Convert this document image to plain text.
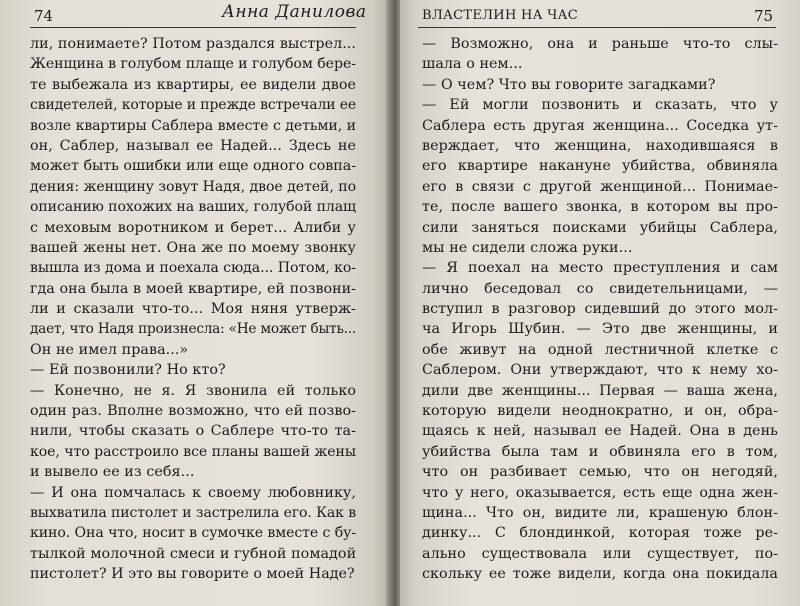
74	Анна Данилова
ли, понимаете? Потом раздался выстрел...
Женщина в голубом плаще и голубом бере-
те выбежала из квартиры, ее видели двое
свидетелей, которые и прежде встречали ее
возле квартиры Саблера вместе с детьми, и
он, Саблер, называл ее Надей... Здесь не
может быть ошибки или еще одного совпа-
дения: женщину зовут Надя, двое детей, по
описанию похожих на ваших, голубой плащ
с меховым воротником и берет... Алиби у
вашей жены нет. Она же по моему звонку
вышла из дома и поехала сюда... Потом, ко-
гда она была в моей квартире, ей позвони-
ли и сказали что-то... Моя няня утверж-
дает, что Надя произнесла: «Не может быть...
Он не имел права...»
— Ей позвонили? Но кто?
— Конечно, не я. Я звонила ей только
один раз. Вполне возможно, что ей позво-
нили, чтобы сказать о Саблере что-то та-
кое, что расстроило все планы вашей жены
и вывело ее из себя...
— И она помчалась к своему любовнику,
выхватила пистолет и застрелила его. Как в
кино. Она что, носит в сумочке вместе с бу-
тылкой молочной смеси и губной помадой
пистолет? И это вы говорите о моей Наде?
ВЛАСТЕЛИН НА ЧАС	75
— Возможно, она и раньше что-то слы-
шала о нем...
— О чем? Что вы говорите загадками?
— Ей могли позвонить и сказать, что у
Саблера есть другая женщина... Соседка ут-
верждает, что женщина, находившаяся в
его квартире накануне убийства, обвиняла
его в связи с другой женщиной... Понимае-
те, после вашего звонка, в котором вы про-
сили заняться поисками убийцы Саблера,
мы не сидели сложа руки...
— Я поехал на место преступления и сам
лично беседовал со свидетельницами, —
вступил в разговор сидевший до этого мол-
ча Игорь Шубин. — Это две женщины, и
обе живут на одной лестничной клетке с
Саблером. Они утверждают, что к нему хо-
дили две женщины... Первая — ваша жена,
которую видели неоднократно, и он, обра-
щаясь к ней, называл ее Надей. Она в день
убийства была там и обвиняла его в том,
что он разбивает семью, что он негодяй,
что у него, оказывается, есть еще одна жен-
щина... Что он, видите ли, крашеную блон-
динку... С блондинкой, которая тоже ре-
ально существовала или существует, по-
скольку ее тоже видели, когда она покидала
